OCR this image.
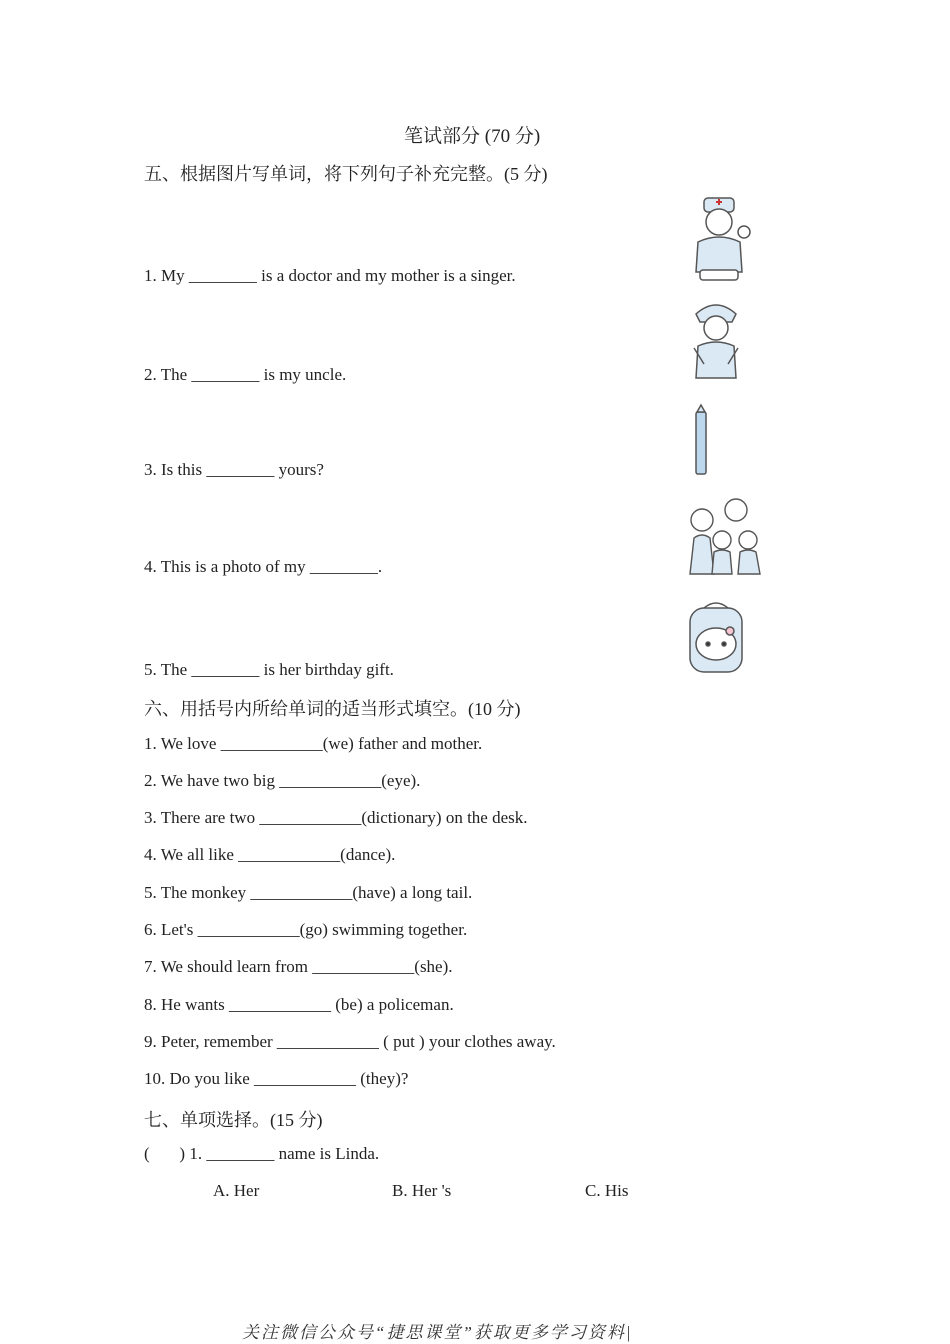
笔试部分 (70 分)
五、根据图片写单词，将下列句子补充完整。(5 分)
1. My ________ is a doctor and my mother is a singer.
2. The ________ is my uncle.
3. Is this ________ yours?
4. This is a photo of my ________.
5. The ________ is her birthday gift.
六、用括号内所给单词的适当形式填空。(10 分)
1. We love ____________(we) father and mother.
2. We have two big ____________(eye).
3. There are two ____________(dictionary) on the desk.
4. We all like ____________(dance).
5. The monkey ____________(have) a long tail.
6. Let's ____________(go) swimming together.
7. We should learn from ____________(she).
8. He wants ____________ (be) a policeman.
9. Peter, remember ____________ ( put ) your clothes away.
10. Do you like ____________ (they)?
七、单项选择。(15 分)
(       ) 1. ________ name is Linda.
A. Her	B. Her 's	C. His
关注微信公众号“捷思课堂”获取更多学习资料|
